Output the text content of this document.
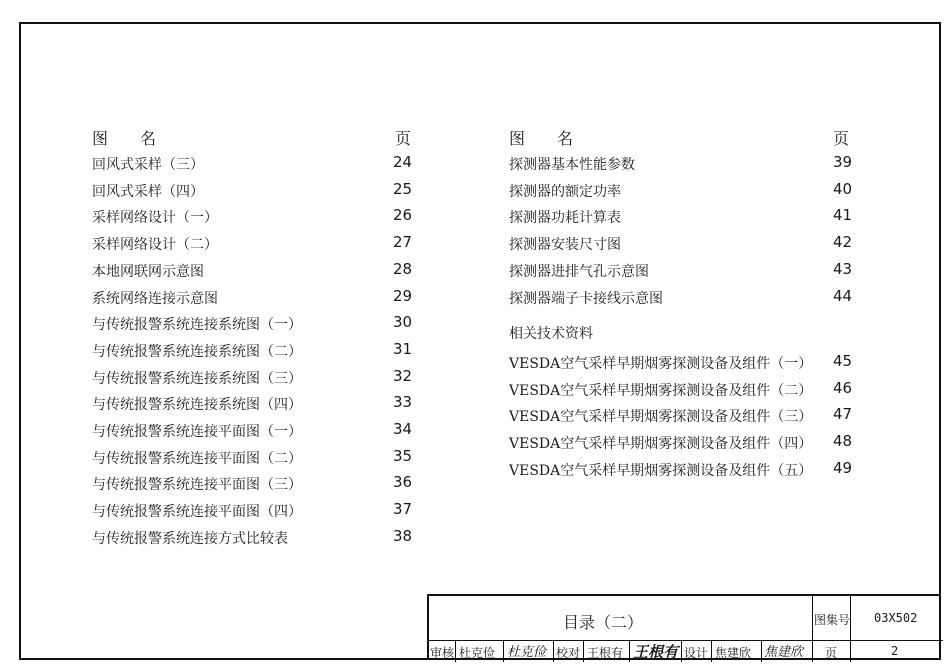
图　　名	页
回风式采样（三）	24
回风式采样（四）	25
采样网络设计（一）	26
采样网络设计（二）	27
本地网联网示意图	28
系统网络连接示意图	29
与传统报警系统连接系统图（一）	30
与传统报警系统连接系统图（二）	31
与传统报警系统连接系统图（三）	32
与传统报警系统连接系统图（四）	33
与传统报警系统连接平面图（一）	34
与传统报警系统连接平面图（二）	35
与传统报警系统连接平面图（三）	36
与传统报警系统连接平面图（四）	37
与传统报警系统连接方式比较表	38
图　　名	页
相关技术资料
探测器基本性能参数	39
探测器的额定功率	40
探测器功耗计算表	41
探测器安装尺寸图	42
探测器进排气孔示意图	43
探测器端子卡接线示意图	44
VESDA空气采样早期烟雾探测设备及组件（一） 45
VESDA空气采样早期烟雾探测设备及组件（二） 46
VESDA空气采样早期烟雾探测设备及组件（三） 47
VESDA空气采样早期烟雾探测设备及组件（四） 48
VESDA空气采样早期烟雾探测设备及组件（五） 49
目录（二）	图集号 03X502
审核 杜克俭 杜克俭 校对 王根有 王根有 设计 焦建欣 焦建欣 页	2
